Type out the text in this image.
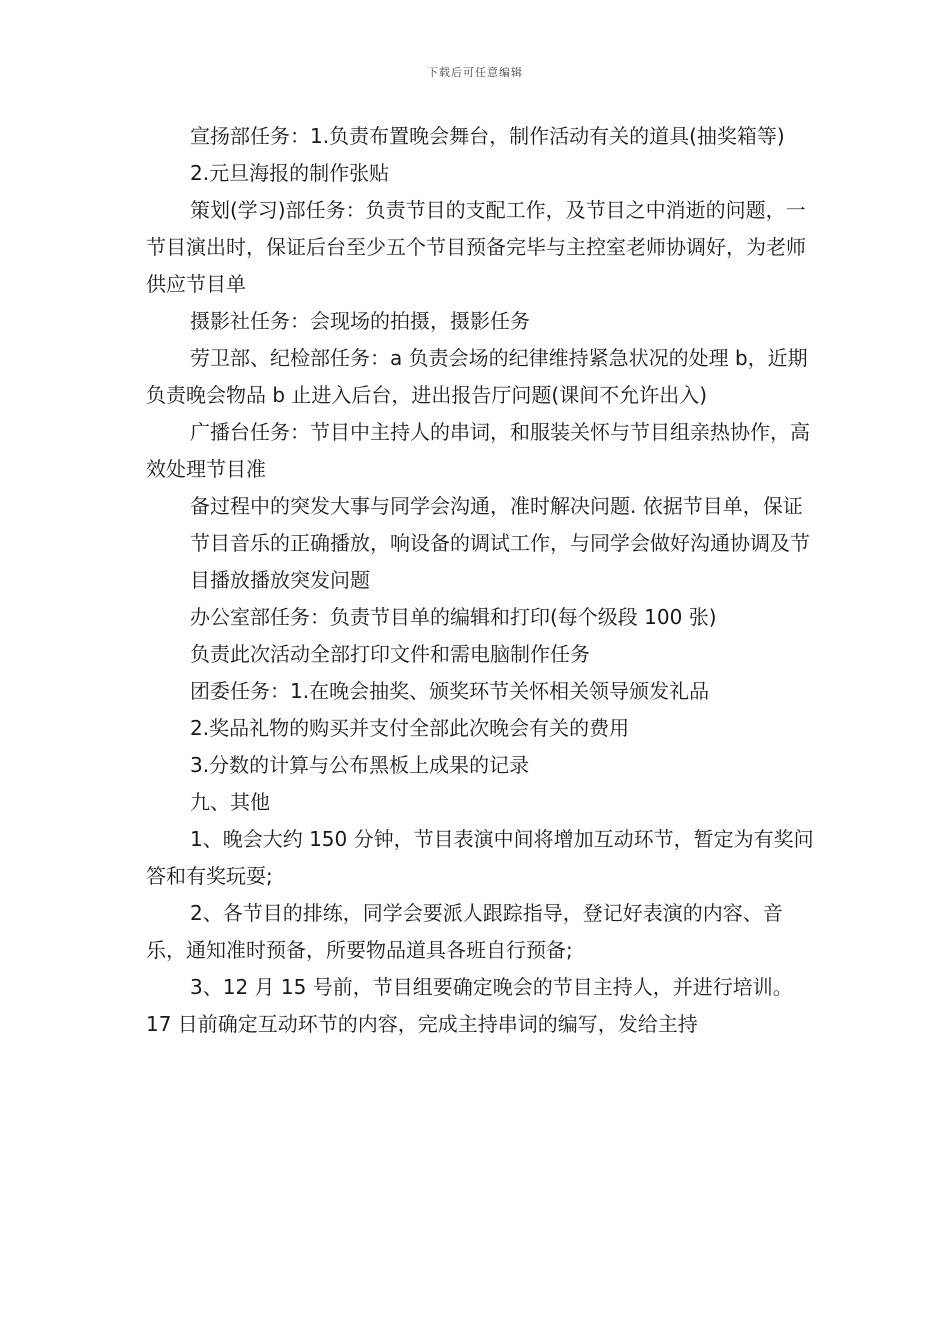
下载后可任意编辑

宣扬部任务：1.负责布置晚会舞台，制作活动有关的道具(抽奖箱等)

2.元旦海报的制作张贴

策划(学习)部任务：负责节目的支配工作，及节目之中消逝的问题，一节目演出时，保证后台至少五个节目预备完毕与主控室老师协调好，为老师供应节目单

摄影社任务：会现场的拍摄，摄影任务

劳卫部、纪检部任务：a 负责会场的纪律维持紧急状况的处理 b，近期负责晚会物品 b 止进入后台，进出报告厅问题(课间不允许出入)

广播台任务：节目中主持人的串词，和服装关怀与节目组亲热协作，高效处理节目准

备过程中的突发大事与同学会沟通，准时解决问题. 依据节目单，保证

节目音乐的正确播放，响设备的调试工作，与同学会做好沟通协调及节

目播放播放突发问题

办公室部任务：负责节目单的编辑和打印(每个级段 100 张)

负责此次活动全部打印文件和需电脑制作任务

团委任务：1.在晚会抽奖、颁奖环节关怀相关领导颁发礼品

2.奖品礼物的购买并支付全部此次晚会有关的费用

3.分数的计算与公布黑板上成果的记录

九、其他

1、晚会大约 150 分钟，节目表演中间将增加互动环节，暂定为有奖问答和有奖玩耍;

2、各节目的排练，同学会要派人跟踪指导，登记好表演的内容、音乐，通知准时预备，所要物品道具各班自行预备;

3、12 月 15 号前，节目组要确定晚会的节目主持人，并进行培训。17 日前确定互动环节的内容，完成主持串词的编写，发给主持
